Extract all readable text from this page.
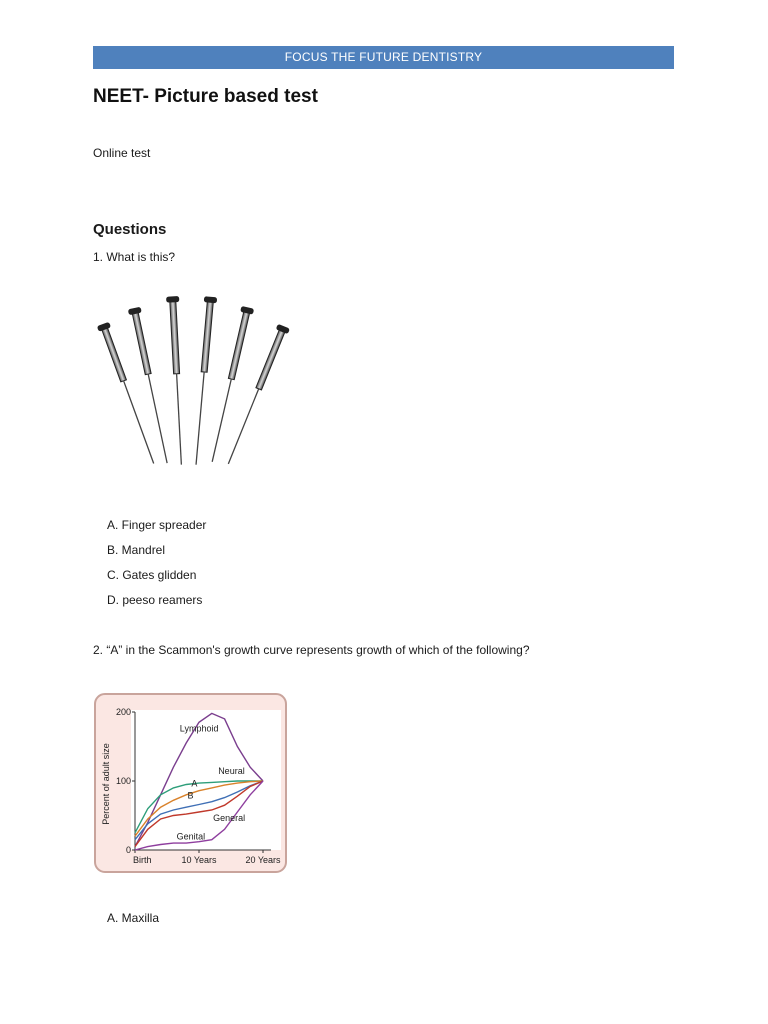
FOCUS THE FUTURE DENTISTRY
NEET- Picture based test
Online test
Questions
1. What is this?
A. Finger spreader
B. Mandrel
C. Gates glidden
D. peeso reamers
2. “A” in the Scammon's growth curve represents growth of which of the following?
Percent of adult size
0
100
200
Birth	10 Years	20 Years
Lymphoid
Neural
A
B
General
Genital
A. Maxilla
